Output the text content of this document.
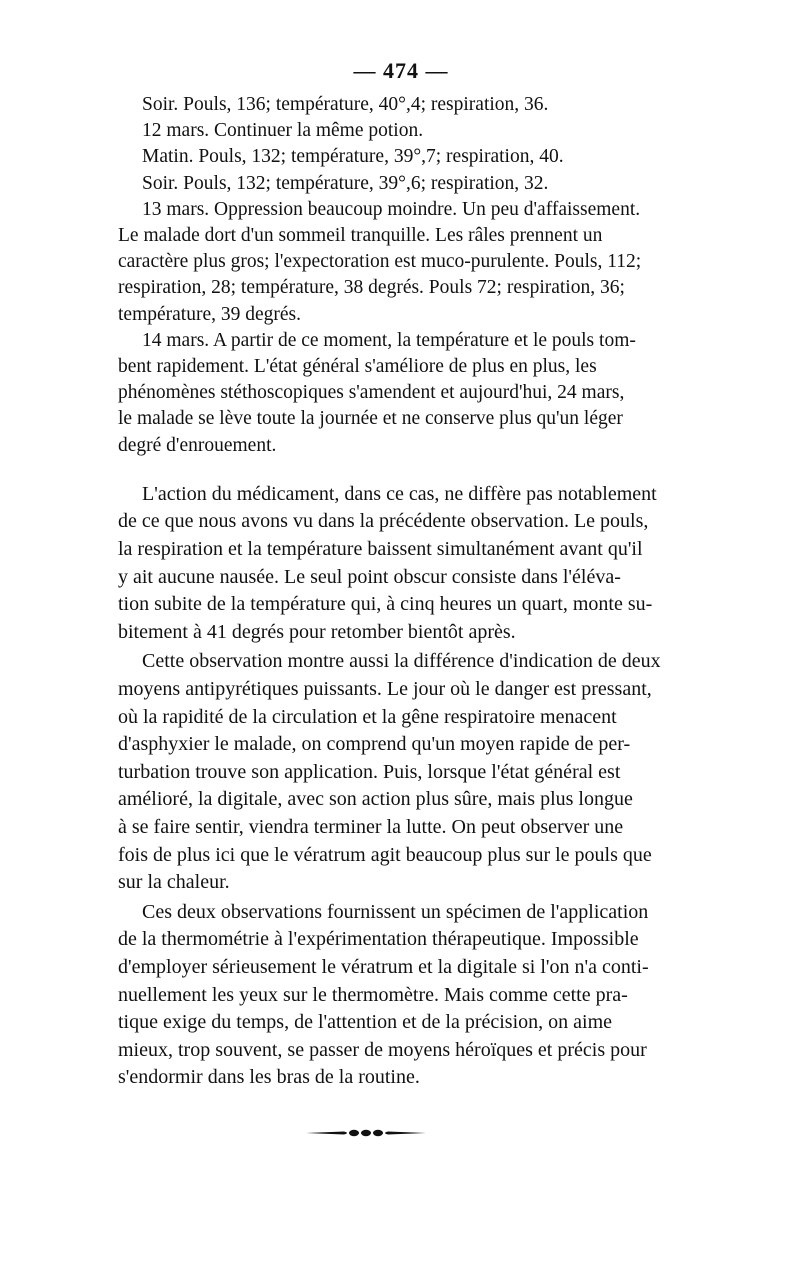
— 474 —

Soir. Pouls, 136; température, 40°,4; respiration, 36.
12 mars. Continuer la même potion.
Matin. Pouls, 132; température, 39°,7; respiration, 40.
Soir. Pouls, 132; température, 39°,6; respiration, 32.
13 mars. Oppression beaucoup moindre. Un peu d'affaissement.
Le malade dort d'un sommeil tranquille. Les râles prennent un
caractère plus gros; l'expectoration est muco-purulente. Pouls, 112;
respiration, 28; température, 38 degrés. Pouls 72; respiration, 36;
température, 39 degrés.
14 mars. A partir de ce moment, la température et le pouls tom-
bent rapidement. L'état général s'améliore de plus en plus, les
phénomènes stéthoscopiques s'amendent et aujourd'hui, 24 mars,
le malade se lève toute la journée et ne conserve plus qu'un léger
degré d'enrouement.

L'action du médicament, dans ce cas, ne diffère pas notablement
de ce que nous avons vu dans la précédente observation. Le pouls,
la respiration et la température baissent simultanément avant qu'il
y ait aucune nausée. Le seul point obscur consiste dans l'éléva-
tion subite de la température qui, à cinq heures un quart, monte su-
bitement à 41 degrés pour retomber bientôt après.

Cette observation montre aussi la différence d'indication de deux
moyens antipyrétiques puissants. Le jour où le danger est pressant,
où la rapidité de la circulation et la gêne respiratoire menacent
d'asphyxier le malade, on comprend qu'un moyen rapide de per-
turbation trouve son application. Puis, lorsque l'état général est
amélioré, la digitale, avec son action plus sûre, mais plus longue
à se faire sentir, viendra terminer la lutte. On peut observer une
fois de plus ici que le vératrum agit beaucoup plus sur le pouls que
sur la chaleur.

Ces deux observations fournissent un spécimen de l'application
de la thermométrie à l'expérimentation thérapeutique. Impossible
d'employer sérieusement le vératrum et la digitale si l'on n'a conti-
nuellement les yeux sur le thermomètre. Mais comme cette pra-
tique exige du temps, de l'attention et de la précision, on aime
mieux, trop souvent, se passer de moyens héroïques et précis pour
s'endormir dans les bras de la routine.
